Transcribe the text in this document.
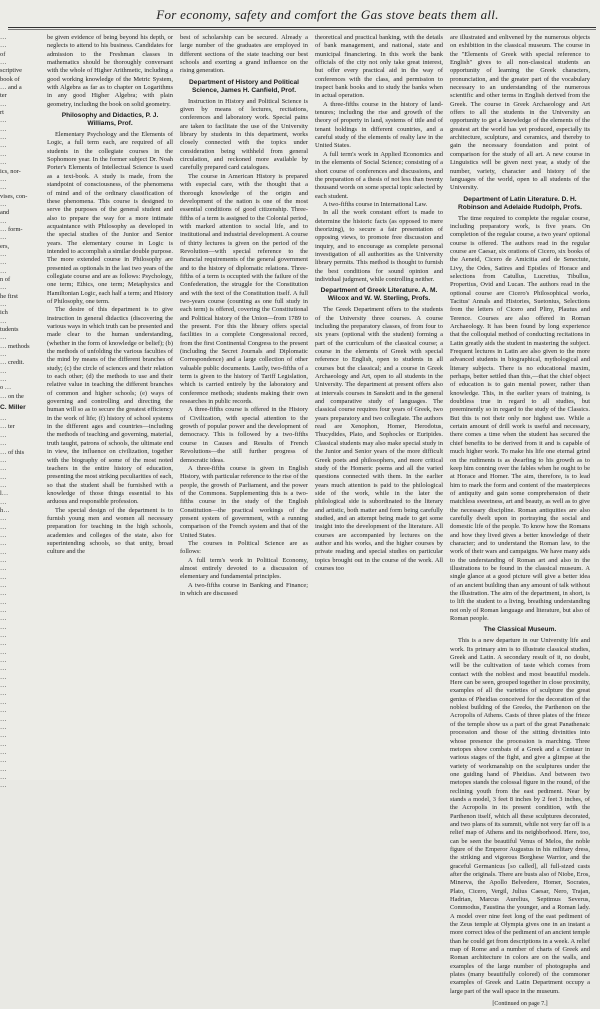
For economy, safety and comfort the Gas stove beats them all.
…
…
of
…
scriptive
book of
… and a
ter
…
rt
…
…
…
…
…
…
ics, nor-
…
…
vises, con-
…
and
…
… form-
…
ers,
…
…
…
n of
…
he first
…
ich
…
tudents
…
… methods
…
… credit.
…
…
o …
… on the
C. Miller
…
… ter
…
…
… of this
…
…
…
…
l…
…
h…
…
…
…
…
…
…
…
…
…
…
…
…
…
…
…
…
…
…
…
…
…
…
…
…
…
…
…
…
…
…
…
…
…

be given evidence of being beyond his depth, or neglects to attend to his business. Candidates for admission to the Freshman classes in mathematics should be thoroughly conversant with the whole of Higher Arithmetic, including a good working knowledge of the Metric System, with Algebra as far as to chapter on Logarithms in any good Higher Algebra; with plain geometry, including the book on solid geometry.

Philosophy and Didactics, P. J. Williams, Prof.

Elementary Psychology and the Elements of Logic, a full term each, are required of all students in the collegiate courses in the Sophomore year. In the former subject Dr. Noah Porter's Elements of Intellectual Science is used as a text-book. A study is made, from the standpoint of consciousness, of the phenomena of mind and of the ordinary classification of these phenomena. This course is designed to serve the purposes of the general student and also to prepare the way for a more intimate acquaintance with Philosophy as developed in the special studies of the Junior and Senior years. The elementary course in Logic is intended to accomplish a similar double purpose. The more extended course in Philosophy are presented as optionals in the last two years of the collegiate course and are as follows: Psychology, one term; Ethics, one term; Metaphysics and Hamiltonian Logic, each half a term; and History of Philosophy, one term.

The desire of this department is to give instruction in general didactics (discovering the various ways in which truth can be presented and made clear to the human understanding, (whether in the form of knowledge or belief); (b) the methods of unfolding the various faculties of the mind by means of the different branches of study; (c) the circle of sciences and their relation to each other; (d) the methods to use and their relative value in teaching the different branches of common and higher schools; (e) ways of governing and controlling and directing the human will so as to secure the greatest efficiency in the work of life; (f) history of school systems in the different ages and countries—including the methods of teaching and governing, material, truth taught, patrons of schools, the ultimate end in view, the influence on civilization, together with the biography of some of the most noted teachers in the entire history of education, presenting the most striking peculiarities of each, so that the student shall be furnished with a knowledge of those things essential to his arduous and responsible profession.

The special design of the department is to furnish young men and women all necessary preparation for teaching in the high schools, academies and colleges of the state, also for superintending schools, so that unity, broad culture and the

best of scholarship can be secured. Already a large number of the graduates are employed in different sections of the state teaching our best schools and exerting a grand influence on the rising generation.

Department of History and Political Science, James H. Canfield, Prof.

Instruction in History and Political Science is given by means of lectures, recitations, conferences and laboratory work. Special pains are taken to facilitate the use of the University library by students in this department, works closely connected with the topics under consideration being withheld from general circulation, and reckoned more available by carefully prepared card catalogues.

The course in American History is prepared with especial care, with the thought that a thorough knowledge of the origin and development of the nation is one of the most essential conditions of good citizenship. Three-fifths of a term is assigned to the Colonial period, with marked attention to social life, and to institutional and industrial development. A course of thirty lectures is given on the period of the Revolution—with special reference to the financial requirements of the general government and to the history of diplomatic relations. Three-fifths of a term is occupied with the failure of the Confederation, the struggle for the Constitution and with the text of the Constitution itself. A full two-years course (counting as one full study in each term) is offered, covering the Constitutional and Political history of the Union—from 1789 to the present. For this the library offers special facilities in a complete Congressional record, from the first Continental Congress to the present (including the Secret Journals and Diplomatic Correspondence) and a large collection of other valuable public documents. Lastly, two-fifths of a term is given to the history of Tariff Legislation, which is carried entirely by the laboratory and conference methods; students making their own researches in public records.

A three-fifths course is offered in the History of Civilization, with special attention to the growth of popular power and the development of democracy. This is followed by a two-fifths course in Causes and Results of French Revolutions—the still further progress of democratic ideas.

A three-fifths course is given in English History, with particular reference to the rise of the people, the growth of Parliament, and the power of the Commons. Supplementing this is a two-fifths course in the study of the English Constitution—the practical workings of the present system of government, with a running comparison of the French system and that of the United States.

The courses in Political Science are as follows:

A full term's work in Political Economy, almost entirely devoted to a discussion of elementary and fundamental principles.

A two-fifths course in Banking and Finance; in which are discussed

theoretical and practical banking, with the details of bank management, and national, state and municipal financiering. In this work the bank officials of the city not only take great interest, but offer every practical aid in the way of conferences with the class, and permission to inspect bank books and to study the banks when in actual operation.

A three-fifths course in the history of land-tenures; including the rise and growth of the theory of property in land, systems of title and of tenant holdings in different countries, and a careful study of the elements of realty law in the United States.

A full term's work in Applied Economics and in the elements of Social Science; consisting of a short course of conferences and discussions, and the preparation of a thesis of not less than twenty thousand words on some special topic selected by each student.

A two-fifths course in International Law.

In all the work constant effort is made to determine the historic facts (as opposed to mere theorizing), to secure a fair presentation of opposing views, to promote free discussion and inquiry, and to encourage as complete personal investigation of all authorities as the University library permits. This method is thought to furnish the best conditions for sound opinion and individual judgment, while controlling neither.

Department of Greek Literature. A. M. Wilcox and W. W. Sterling, Profs.

The Greek Department offers to the students of the University three courses. A course including the preparatory classes, of from four to six years (optional with the student) forming a part of the curriculum of the classical course; a course in the elements of Greek with special reference to English, open to students in all courses but the classical; and a course in Greek Archaeology and Art, open to all students in the University. The department at present offers also at intervals courses in Sanskrit and in the general and comparative study of languages. The classical course requires four years of Greek, two years preparatory and two collegiate. The authors read are Xenophon, Homer, Herodotus, Thucydides, Plato, and Sophocles or Euripides. Classical students may also make special study in the Junior and Senior years of the more difficult Greek poets and philosophers, and more critical study of the Homeric poems and all the varied questions connected with them. In the earlier years much attention is paid to the philological side of the work, while in the later the philological side is subordinated to the literary and artistic, both matter and form being carefully studied, and an attempt being made to get some insight into the development of the literature. All courses are accompanied by lectures on the author and his works, and the higher courses by private reading and special studies on particular topics brought out in the course of the work. All courses too

are illustrated and enlivened by the numerous objects on exhibition in the classical museum. The course in the "Elements of Greek with special reference to English" gives to all non-classical students an opportunity of learning the Greek characters, pronunciation, and the greater part of the vocabulary necessary to an understanding of the numerous scientific and other terms in English derived from the Greek. The course in Greek Archaeology and Art offers to all the students in the University an opportunity to get a knowledge of the elements of the greatest art the world has yet produced, especially its architecture, sculpture, and ceramics, and thereby to gain the necessary foundation and point of comparison for the study of all art. A new course in Linguistics will be given next year, a study of the number, variety, character and history of the languages of the world, open to all students of the University.

Department of Latin Literature. D. H. Robinson and Adelaide Rudolph, Profs.

The time required to complete the regular course, including preparatory work, is five years. On completion of the regular course, a two years' optional course is offered. The authors read in the regular course are Caesar, six orations of Cicero, six books of the Aeneid, Cicero de Amicitia and de Senectute, Livy, the Odes, Satires and Epistles of Horace and selections from Catullus, Lucretius, Tibullus, Propertius, Ovid and Lucan. The authors read in the optional course are Cicero's Philosophical works, Tacitus' Annals and Histories, Suetonius, Selections from the letters of Cicero and Pliny, Plautus and Terence. Courses are also offered in Roman Archaeology. It has been found by long experience that the colloquial method of conducting recitations in Latin greatly aids the student in mastering the subject. Frequent lectures in Latin are also given to the more advanced students in biographical, mythological and literary subjects. There is no educational maxim, perhaps, better settled than this,—that the chief object of education is to gain mental power, rather than knowledge. This, in the earlier years of training, is doubtless true in regard to all studies, but preeminently so in regard to the study of the Classics. But this is not their only nor highest use. While a certain amount of drill work is useful and necessary, there comes a time when the student has secured the chief benefits to be derived from it and is capable of much higher work. To make his life one eternal grind on the rudiments is as dwarfing to his growth as to keep him conning over the fables when he ought to be at Horace and Homer. The aim, therefore, is to lead him to mark the form and content of the masterpieces of antiquity and gain some comprehension of their matchless sweetness, art and beauty, as well as to give the necessary discipline. Roman antiquities are also carefully dwelt upon in portraying the social and domestic life of the people. To know how the Romans and how they lived gives a better knowledge of their character; and to understand the Roman law, to the work of their wars and campaigns. We have many aids to the understanding of Roman art and also in the illustrations to be found in the classical museum. A single glance at a good picture will give a better idea of an ancient building than any amount of talk without the illustration. The aim of the department, in short, is to lift the student to a living, breathing understanding not only of Roman language and literature, but also of Roman people.

The Classical Museum.

This is a new departure in our University life and work. Its primary aim is to illustrate classical studies, Greek and Latin. A secondary result of it, no doubt, will be the cultivation of taste which comes from contact with the noblest and most beautiful models. Here can be seen, grouped together in close proximity, examples of all the varieties of sculpture the great genius of Pheidias conceived for the decoration of the noblest building of the Greeks, the Parthenon on the Acropolis of Athens. Casts of three plates of the frieze of the temple show us a part of the great Panathenaic procession and those of the sitting divinities into whose presence the procession is marching. Three metopes show combats of a Greek and a Centaur in various stages of the fight, and give a glimpse at the variety of workmanship on the sculptures under the one guiding hand of Pheidias. And between two metopes stands the colossal figure in the round, of the reclining youth from the east pediment. Near by stands a model, 3 feet 8 inches by 2 feet 3 inches, of the Acropolis in its present condition, with the Parthenon itself, which all these sculptures decorated, and two plans of its summit, while not very far off is a relief map of Athens and its neighborhood. Here, too, can be seen the beautiful Venus of Melos, the noble figure of the Emperor Augustus in his military dress, the striking and vigorous Borghese Warrior, and the graceful Germanicus [so called], all full-sized casts after the originals. There are busts also of Niobe, Eros, Minerva, the Apollo Belvedere, Homer, Socrates, Plato, Cicero, Vergil, Julius Caesar, Nero, Trajan, Hadrian, Marcus Aurelius, Septimus Severus, Commodus, Faustina the younger, and a Roman lady. A model over nine feet long of the east pediment of the Zeus temple at Olympia gives one in an instant a more correct idea of the pediment of an ancient temple than he could get from descriptions in a week. A relief map of Rome and a number of charts of Greek and Roman architecture in colors are on the walls, and examples of the large number of photographs and plates (many beautifully colored) of the commoner examples of Greek and Latin Department occupy a large part of the wall space in the museum.

[Continued on page 7.]
